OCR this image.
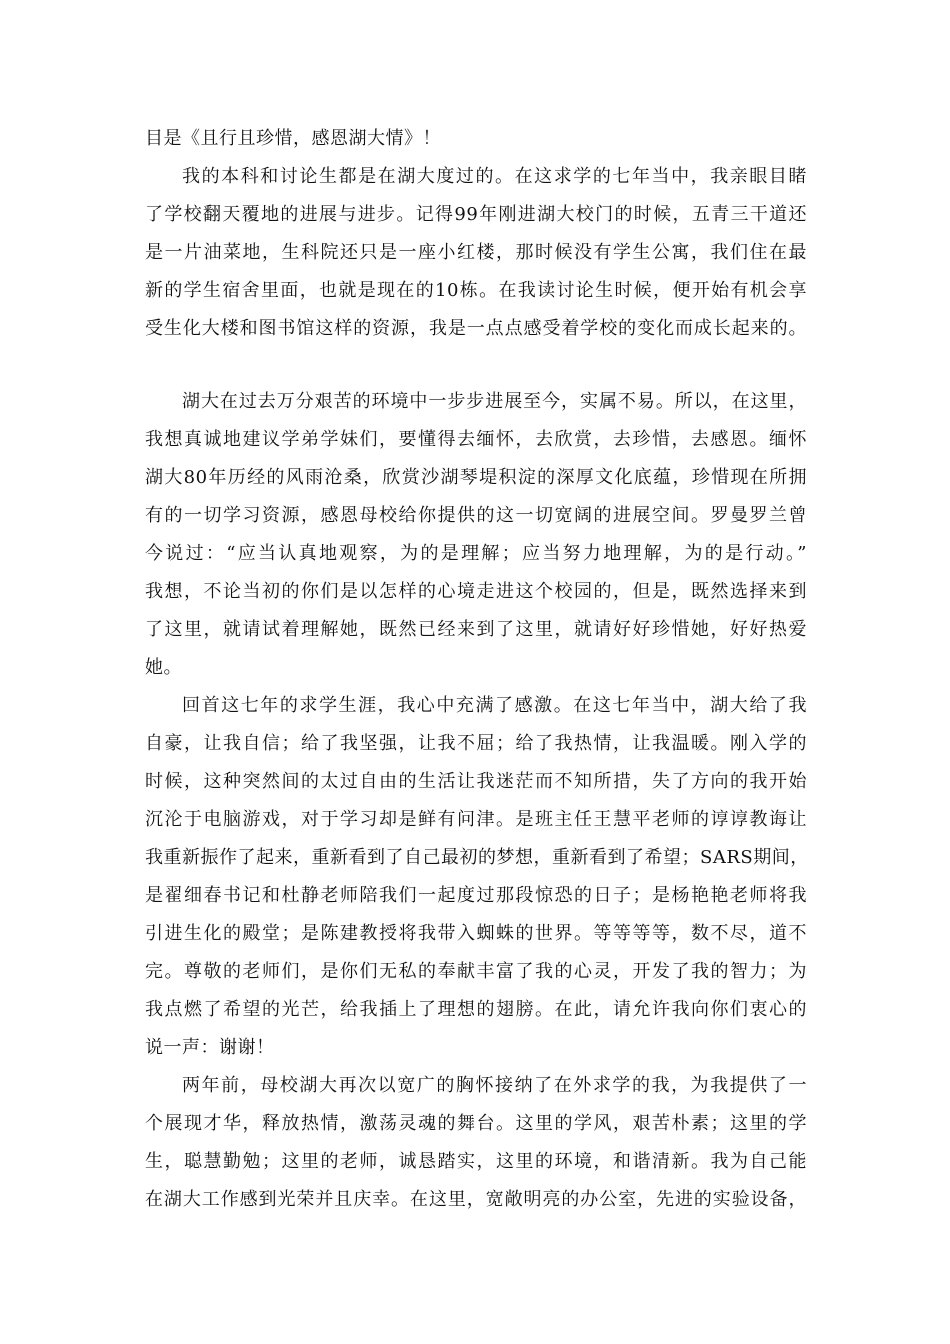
目是《且行且珍惜，感恩湖大情》！
我的本科和讨论生都是在湖大度过的。在这求学的七年当中，我亲眼目睹
了学校翻天覆地的进展与进步。记得99年刚进湖大校门的时候，五青三干道还
是一片油菜地，生科院还只是一座小红楼，那时候没有学生公寓，我们住在最
新的学生宿舍里面，也就是现在的10栋。在我读讨论生时候，便开始有机会享
受生化大楼和图书馆这样的资源，我是一点点感受着学校的变化而成长起来的。
湖大在过去万分艰苦的环境中一步步进展至今，实属不易。所以，在这里，
我想真诚地建议学弟学妹们，要懂得去缅怀，去欣赏，去珍惜，去感恩。缅怀
湖大80年历经的风雨沧桑，欣赏沙湖琴堤积淀的深厚文化底蕴，珍惜现在所拥
有的一切学习资源，感恩母校给你提供的这一切宽阔的进展空间。罗曼罗兰曾
今说过：“应当认真地观察，为的是理解；应当努力地理解，为的是行动。”
我想，不论当初的你们是以怎样的心境走进这个校园的，但是，既然选择来到
了这里，就请试着理解她，既然已经来到了这里，就请好好珍惜她，好好热爱
她。
回首这七年的求学生涯，我心中充满了感激。在这七年当中，湖大给了我
自豪，让我自信；给了我坚强，让我不屈；给了我热情，让我温暖。刚入学的
时候，这种突然间的太过自由的生活让我迷茫而不知所措，失了方向的我开始
沉沦于电脑游戏，对于学习却是鲜有问津。是班主任王慧平老师的谆谆教诲让
我重新振作了起来，重新看到了自己最初的梦想，重新看到了希望；SARS期间，
是翟细春书记和杜静老师陪我们一起度过那段惊恐的日子；是杨艳艳老师将我
引进生化的殿堂；是陈建教授将我带入蜘蛛的世界。等等等等，数不尽，道不
完。尊敬的老师们，是你们无私的奉献丰富了我的心灵，开发了我的智力；为
我点燃了希望的光芒，给我插上了理想的翅膀。在此，请允许我向你们衷心的
说一声：谢谢！
两年前，母校湖大再次以宽广的胸怀接纳了在外求学的我，为我提供了一
个展现才华，释放热情，激荡灵魂的舞台。这里的学风，艰苦朴素；这里的学
生，聪慧勤勉；这里的老师，诚恳踏实，这里的环境，和谐清新。我为自己能
在湖大工作感到光荣并且庆幸。在这里，宽敞明亮的办公室，先进的实验设备，
